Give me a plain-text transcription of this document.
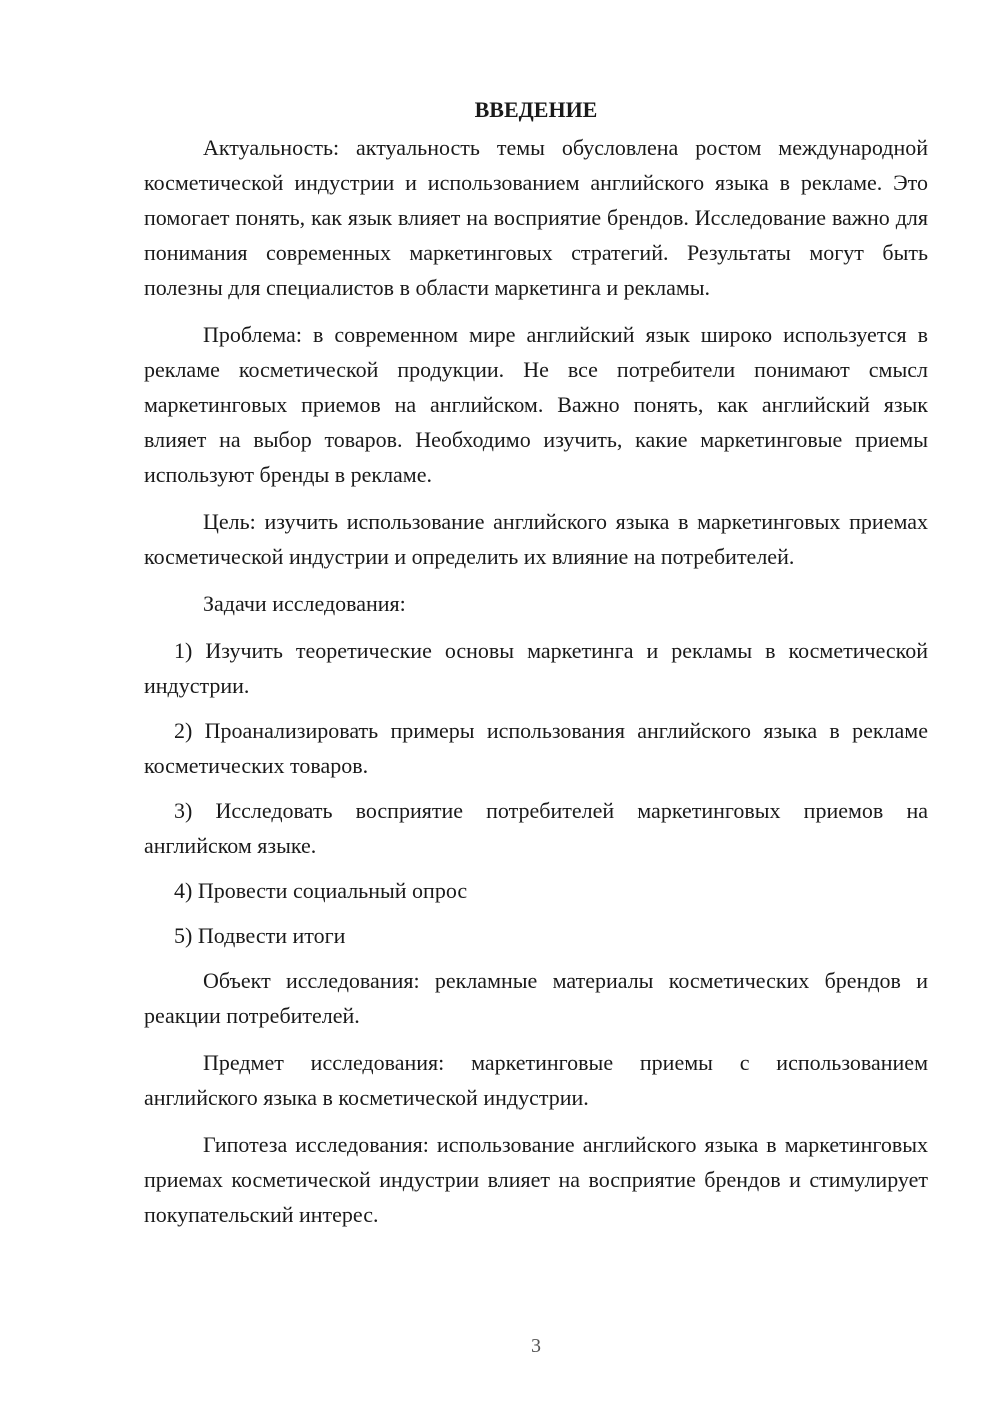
ВВЕДЕНИЕ

Актуальность: актуальность темы обусловлена ростом международной косметической индустрии и использованием английского языка в рекламе. Это помогает понять, как язык влияет на восприятие брендов. Исследование важно для понимания современных маркетинговых стратегий. Результаты могут быть полезны для специалистов в области маркетинга и рекламы.

Проблема: в современном мире английский язык широко используется в рекламе косметической продукции. Не все потребители понимают смысл маркетинговых приемов на английском. Важно понять, как английский язык влияет на выбор товаров. Необходимо изучить, какие маркетинговые приемы используют бренды в рекламе.

Цель: изучить использование английского языка в маркетинговых приемах косметической индустрии и определить их влияние на потребителей.

Задачи исследования:

1) Изучить теоретические основы маркетинга и рекламы в косметической индустрии.

2) Проанализировать примеры использования английского языка в рекламе косметических товаров.

3) Исследовать восприятие потребителей маркетинговых приемов на английском языке.

4) Провести социальный опрос

5) Подвести итоги

Объект исследования: рекламные материалы косметических брендов и реакции потребителей.

Предмет исследования: маркетинговые приемы с использованием английского языка в косметической индустрии.

Гипотеза исследования: использование английского языка в маркетинговых приемах косметической индустрии влияет на восприятие брендов и стимулирует покупательский интерес.

3
